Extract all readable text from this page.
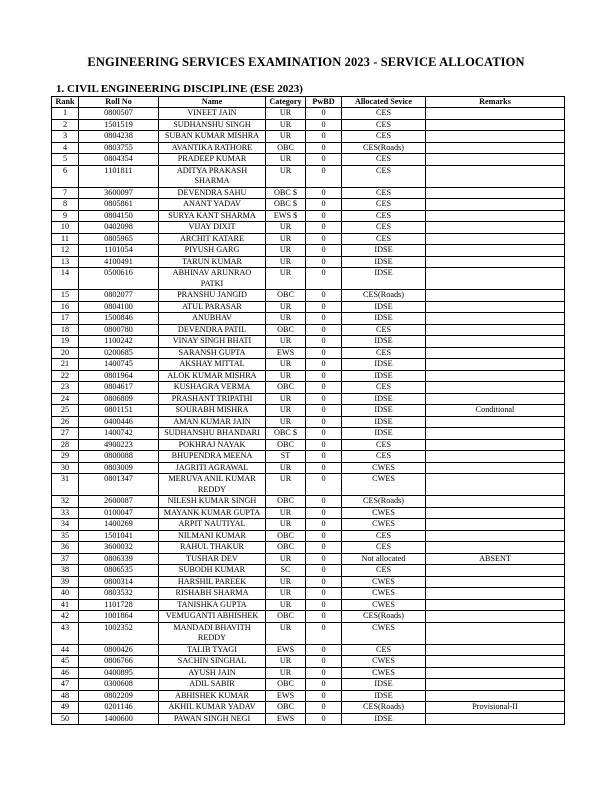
ENGINEERING SERVICES EXAMINATION 2023 - SERVICE ALLOCATION
1. CIVIL ENGINEERING DISCIPLINE (ESE 2023)
Rank	Roll No	Name	Category	PwBD	Allocated Sevice	Remarks
1	0800507	VINEET JAIN	UR	0	CES	
2	1501519	SUDHANSHU SINGH	UR	0	CES	
3	0804238	SUBAN KUMAR MISHRA	UR	0	CES	
4	0803755	AVANTIKA RATHORE	OBC	0	CES(Roads)	
5	0804354	PRADEEP KUMAR	UR	0	CES	
6	1101811	ADITYA PRAKASH SHARMA	UR	0	CES	
7	3600097	DEVENDRA SAHU	OBC $	0	CES	
8	0805861	ANANT YADAV	OBC $	0	CES	
9	0804150	SURYA KANT SHARMA	EWS $	0	CES	
10	0402098	VIJAY DIXIT	UR	0	CES	
11	0805965	ARCHIT KATARE	UR	0	CES	
12	1101054	PIYUSH GARG	UR	0	IDSE	
13	4100491	TARUN KUMAR	UR	0	IDSE	
14	0500616	ABHINAV ARUNRAO PATKI	UR	0	IDSE	
15	0802077	PRANSHU JANGID	OBC	0	CES(Roads)	
16	0804100	ATUL PARASAR	UR	0	IDSE	
17	1500846	ANUBHAV	UR	0	IDSE	
18	0800780	DEVENDRA PATIL	OBC	0	CES	
19	1100242	VINAY SINGH BHATI	UR	0	IDSE	
20	0200685	SARANSH GUPTA	EWS	0	CES	
21	1400745	AKSHAY MITTAL	UR	0	IDSE	
22	0801964	ALOK KUMAR MISHRA	UR	0	IDSE	
23	0804617	KUSHAGRA VERMA	OBC	0	CES	
24	0806809	PRASHANT TRIPATHI	UR	0	IDSE	
25	0801151	SOURABH MISHRA	UR	0	IDSE	Conditional
26	0400446	AMAN KUMAR JAIN	UR	0	IDSE	
27	1400742	SUDHANSHU BHANDARI	OBC $	0	IDSE	
28	4900223	POKHRAJ NAYAK	OBC	0	CES	
29	0800088	BHUPENDRA MEENA	ST	0	CES	
30	0803009	JAGRITI AGRAWAL	UR	0	CWES	
31	0801347	MERUVA ANIL KUMAR REDDY	UR	0	CWES	
32	2600087	NILESH KUMAR SINGH	OBC	0	CES(Roads)	
33	0100047	MAYANK KUMAR GUPTA	UR	0	CWES	
34	1400269	ARPIT NAUTIYAL	UR	0	CWES	
35	1501041	NILMANI KUMAR	OBC	0	CES	
36	3600032	RAHUL THAKUR	OBC	0	CES	
37	0806339	TUSHAR DEV	UR	0	Not allocated	ABSENT
38	0806535	SUBODH KUMAR	SC	0	CES	
39	0800314	HARSHIL PAREEK	UR	0	CWES	
40	0803532	RISHABH SHARMA	UR	0	CWES	
41	1101728	TANISHKA GUPTA	UR	0	CWES	
42	1001864	VEMUGANTI ABHISHEK	OBC	0	CES(Roads)	
43	1002352	MANDADI BHAVITH REDDY	UR	0	CWES	
44	0800426	TALIB TYAGI	EWS	0	CES	
45	0806766	SACHIN SINGHAL	UR	0	CWES	
46	0400895	AYUSH JAIN	UR	0	CWES	
47	0300608	ADIL SABIR	OBC	0	IDSE	
48	0802209	ABHISHEK KUMAR	EWS	0	IDSE	
49	0201146	AKHIL KUMAR YADAV	OBC	0	CES(Roads)	Provisional-II
50	1400600	PAWAN SINGH NEGI	EWS	0	IDSE	
